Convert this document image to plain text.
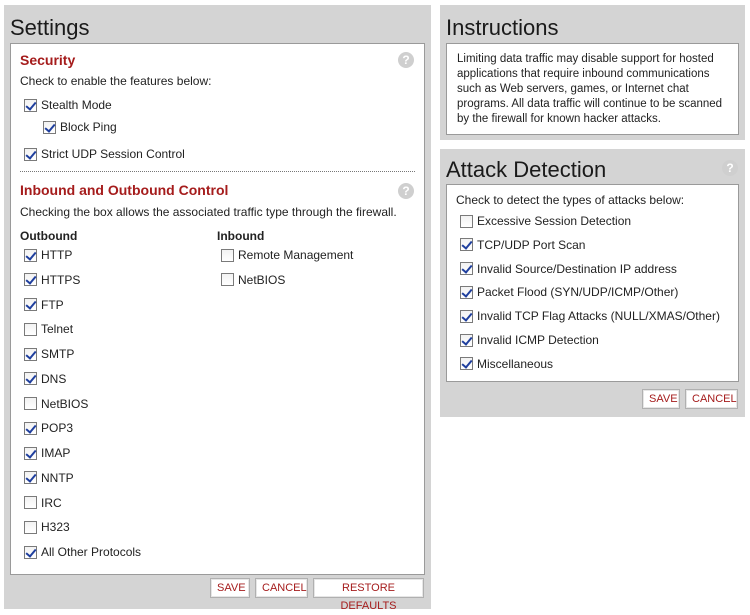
Settings
?
Security
Check to enable the features below:
Stealth Mode
Block Ping
Strict UDP Session Control
?
Inbound and Outbound Control
Checking the box allows the associated traffic type through the firewall.
Outbound	Inbound
HTTP
HTTPS
FTP
Telnet
SMTP
DNS
NetBIOS
POP3
IMAP
NNTP
IRC
H323
All Other Protocols
Remote Management
NetBIOS
SAVE	CANCEL	RESTORE DEFAULTS
Instructions
Limiting data traffic may disable support for hosted applications that require inbound communications such as Web servers, games, or Internet chat programs. All data traffic will continue to be scanned by the firewall for known hacker attacks.
Attack Detection	?
Check to detect the types of attacks below:
Excessive Session Detection
TCP/UDP Port Scan
Invalid Source/Destination IP address
Packet Flood (SYN/UDP/ICMP/Other)
Invalid TCP Flag Attacks (NULL/XMAS/Other)
Invalid ICMP Detection
Miscellaneous
SAVE	CANCEL
